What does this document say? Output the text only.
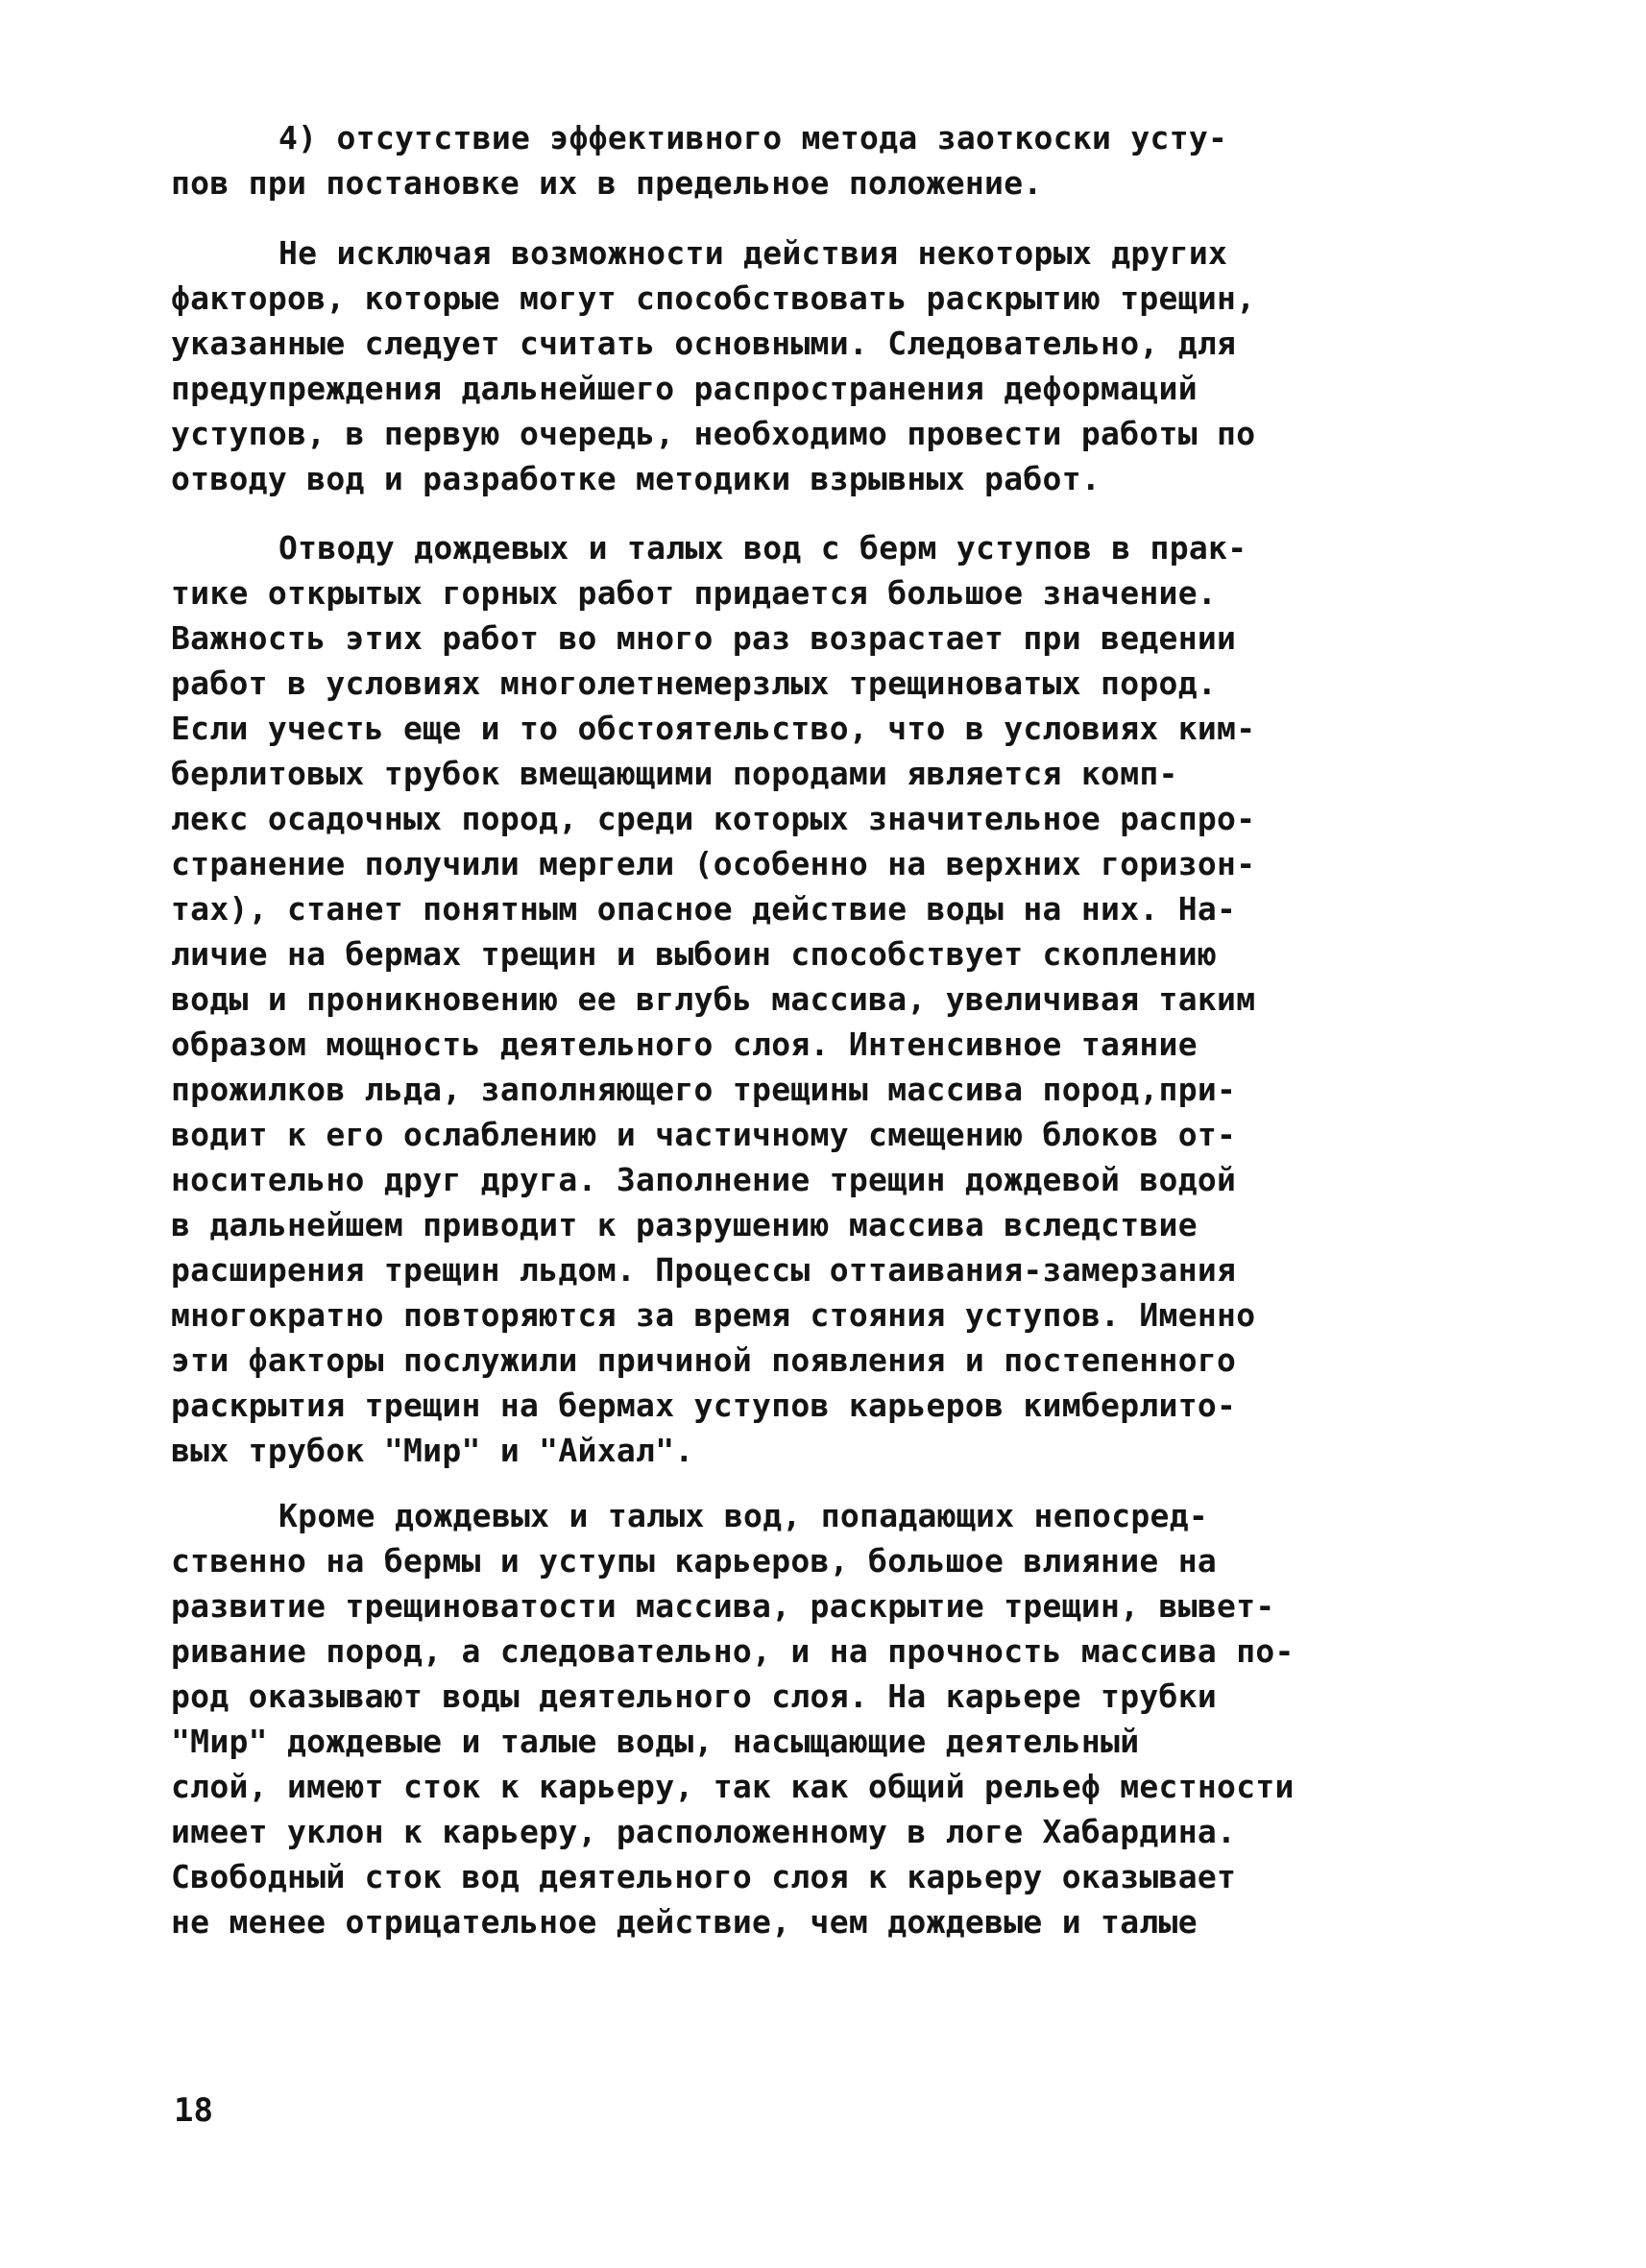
4) отсутствие эффективного метода заоткоски усту-
пов при постановке их в предельное положение.
Не исключая возможности действия некоторых других
факторов, которые могут способствовать раскрытию трещин,
указанные следует считать основными. Следовательно, для
предупреждения дальнейшего распространения деформаций
уступов, в первую очередь, необходимо провести работы по
отводу вод и разработке методики взрывных работ.
Отводу дождевых и талых вод с берм уступов в прак-
тике открытых горных работ придается большое значение.
Важность этих работ во много раз возрастает при ведении
работ в условиях многолетнемерзлых трещиноватых пород.
Если учесть еще и то обстоятельство, что в условиях ким-
берлитовых трубок вмещающими породами является комп-
лекс осадочных пород, среди которых значительное распро-
странение получили мергели (особенно на верхних горизон-
тах), станет понятным опасное действие воды на них. На-
личие на бермах трещин и выбоин способствует скоплению
воды и проникновению ее вглубь массива, увеличивая таким
образом мощность деятельного слоя. Интенсивное таяние
прожилков льда, заполняющего трещины массива пород,при-
водит к его ослаблению и частичному смещению блоков от-
носительно друг друга. Заполнение трещин дождевой водой
в дальнейшем приводит к разрушению массива вследствие
расширения трещин льдом. Процессы оттаивания-замерзания
многократно повторяются за время стояния уступов. Именно
эти факторы послужили причиной появления и постепенного
раскрытия трещин на бермах уступов карьеров кимберлито-
вых трубок "Мир" и "Айхал".
Кроме дождевых и талых вод, попадающих непосред-
ственно на бермы и уступы карьеров, большое влияние на
развитие трещиноватости массива, раскрытие трещин, вывет-
ривание пород, а следовательно, и на прочность массива по-
род оказывают воды деятельного слоя. На карьере трубки
"Мир" дождевые и талые воды, насыщающие деятельный
слой, имеют сток к карьеру, так как общий рельеф местности
имеет уклон к карьеру, расположенному в логе Хабардина.
Свободный сток вод деятельного слоя к карьеру оказывает
не менее отрицательное действие, чем дождевые и талые
18
